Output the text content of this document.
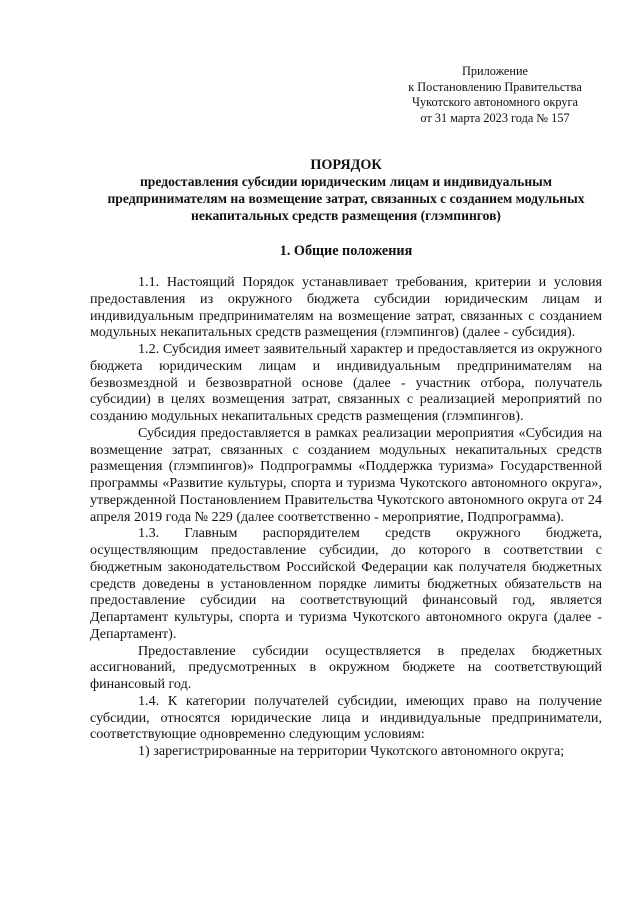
Приложение
к Постановлению Правительства
Чукотского автономного округа
от 31 марта 2023 года № 157

ПОРЯДОК

предоставления субсидии юридическим лицам и индивидуальным предпринимателям на возмещение затрат, связанных с созданием модульных некапитальных средств размещения (глэмпингов)

1. Общие положения

1.1. Настоящий Порядок устанавливает требования, критерии и условия предоставления из окружного бюджета субсидии юридическим лицам и индивидуальным предпринимателям на возмещение затрат, связанных с созданием модульных некапитальных средств размещения (глэмпингов) (далее - субсидия).

1.2. Субсидия имеет заявительный характер и предоставляется из окружного бюджета юридическим лицам и индивидуальным предпринимателям на безвозмездной и безвозвратной основе (далее - участник отбора, получатель субсидии) в целях возмещения затрат, связанных с реализацией мероприятий по созданию модульных некапитальных средств размещения (глэмпингов).

Субсидия предоставляется в рамках реализации мероприятия «Субсидия на возмещение затрат, связанных с созданием модульных некапитальных средств размещения (глэмпингов)» Подпрограммы «Поддержка туризма» Государственной программы «Развитие культуры, спорта и туризма Чукотского автономного округа», утвержденной Постановлением Правительства Чукотского автономного округа от 24 апреля 2019 года № 229 (далее соответственно - мероприятие, Подпрограмма).

1.3. Главным распорядителем средств окружного бюджета, осуществляющим предоставление субсидии, до которого в соответствии с бюджетным законодательством Российской Федерации как получателя бюджетных средств доведены в установленном порядке лимиты бюджетных обязательств на предоставление субсидии на соответствующий финансовый год, является Департамент культуры, спорта и туризма Чукотского автономного округа (далее - Департамент).

Предоставление субсидии осуществляется в пределах бюджетных ассигнований, предусмотренных в окружном бюджете на соответствующий финансовый год.

1.4. К категории получателей субсидии, имеющих право на получение субсидии, относятся юридические лица и индивидуальные предприниматели, соответствующие одновременно следующим условиям:

1) зарегистрированные на территории Чукотского автономного округа;
